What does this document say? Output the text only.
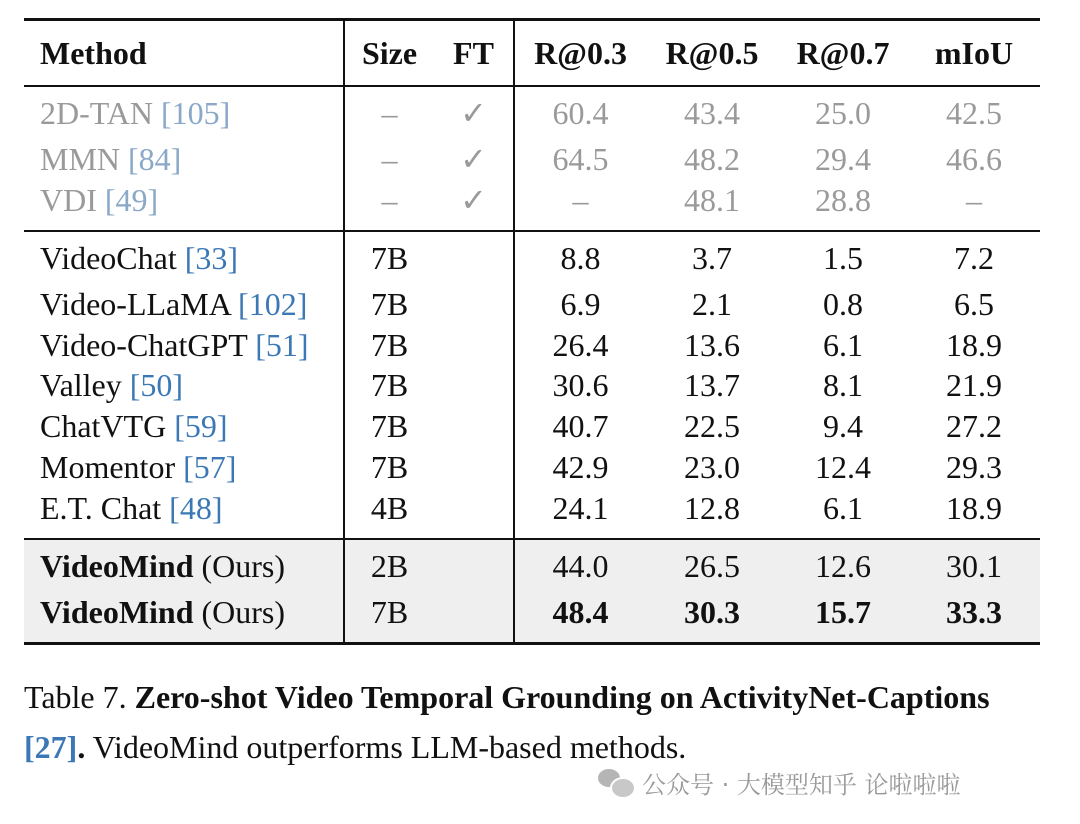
Method	Size	FT	R@0.3	R@0.5	R@0.7	mIoU
2D-TAN [105]	–	✓	60.4	43.4	25.0	42.5
MMN [84]	–	✓	64.5	48.2	29.4	46.6
VDI [49]	–	✓	–	48.1	28.8	–
VideoChat [33]	7B		8.8	3.7	1.5	7.2
Video-LLaMA [102]	7B		6.9	2.1	0.8	6.5
Video-ChatGPT [51]	7B		26.4	13.6	6.1	18.9
Valley [50]	7B		30.6	13.7	8.1	21.9
ChatVTG [59]	7B		40.7	22.5	9.4	27.2
Momentor [57]	7B		42.9	23.0	12.4	29.3
E.T. Chat [48]	4B		24.1	12.8	6.1	18.9
VideoMind (Ours)	2B		44.0	26.5	12.6	30.1
VideoMind (Ours)	7B		48.4	30.3	15.7	33.3
Table 7. Zero-shot Video Temporal Grounding on ActivityNet-Captions [27]. VideoMind outperforms LLM-based methods.
公众号 · 大模型知乎 论啦啦啦
